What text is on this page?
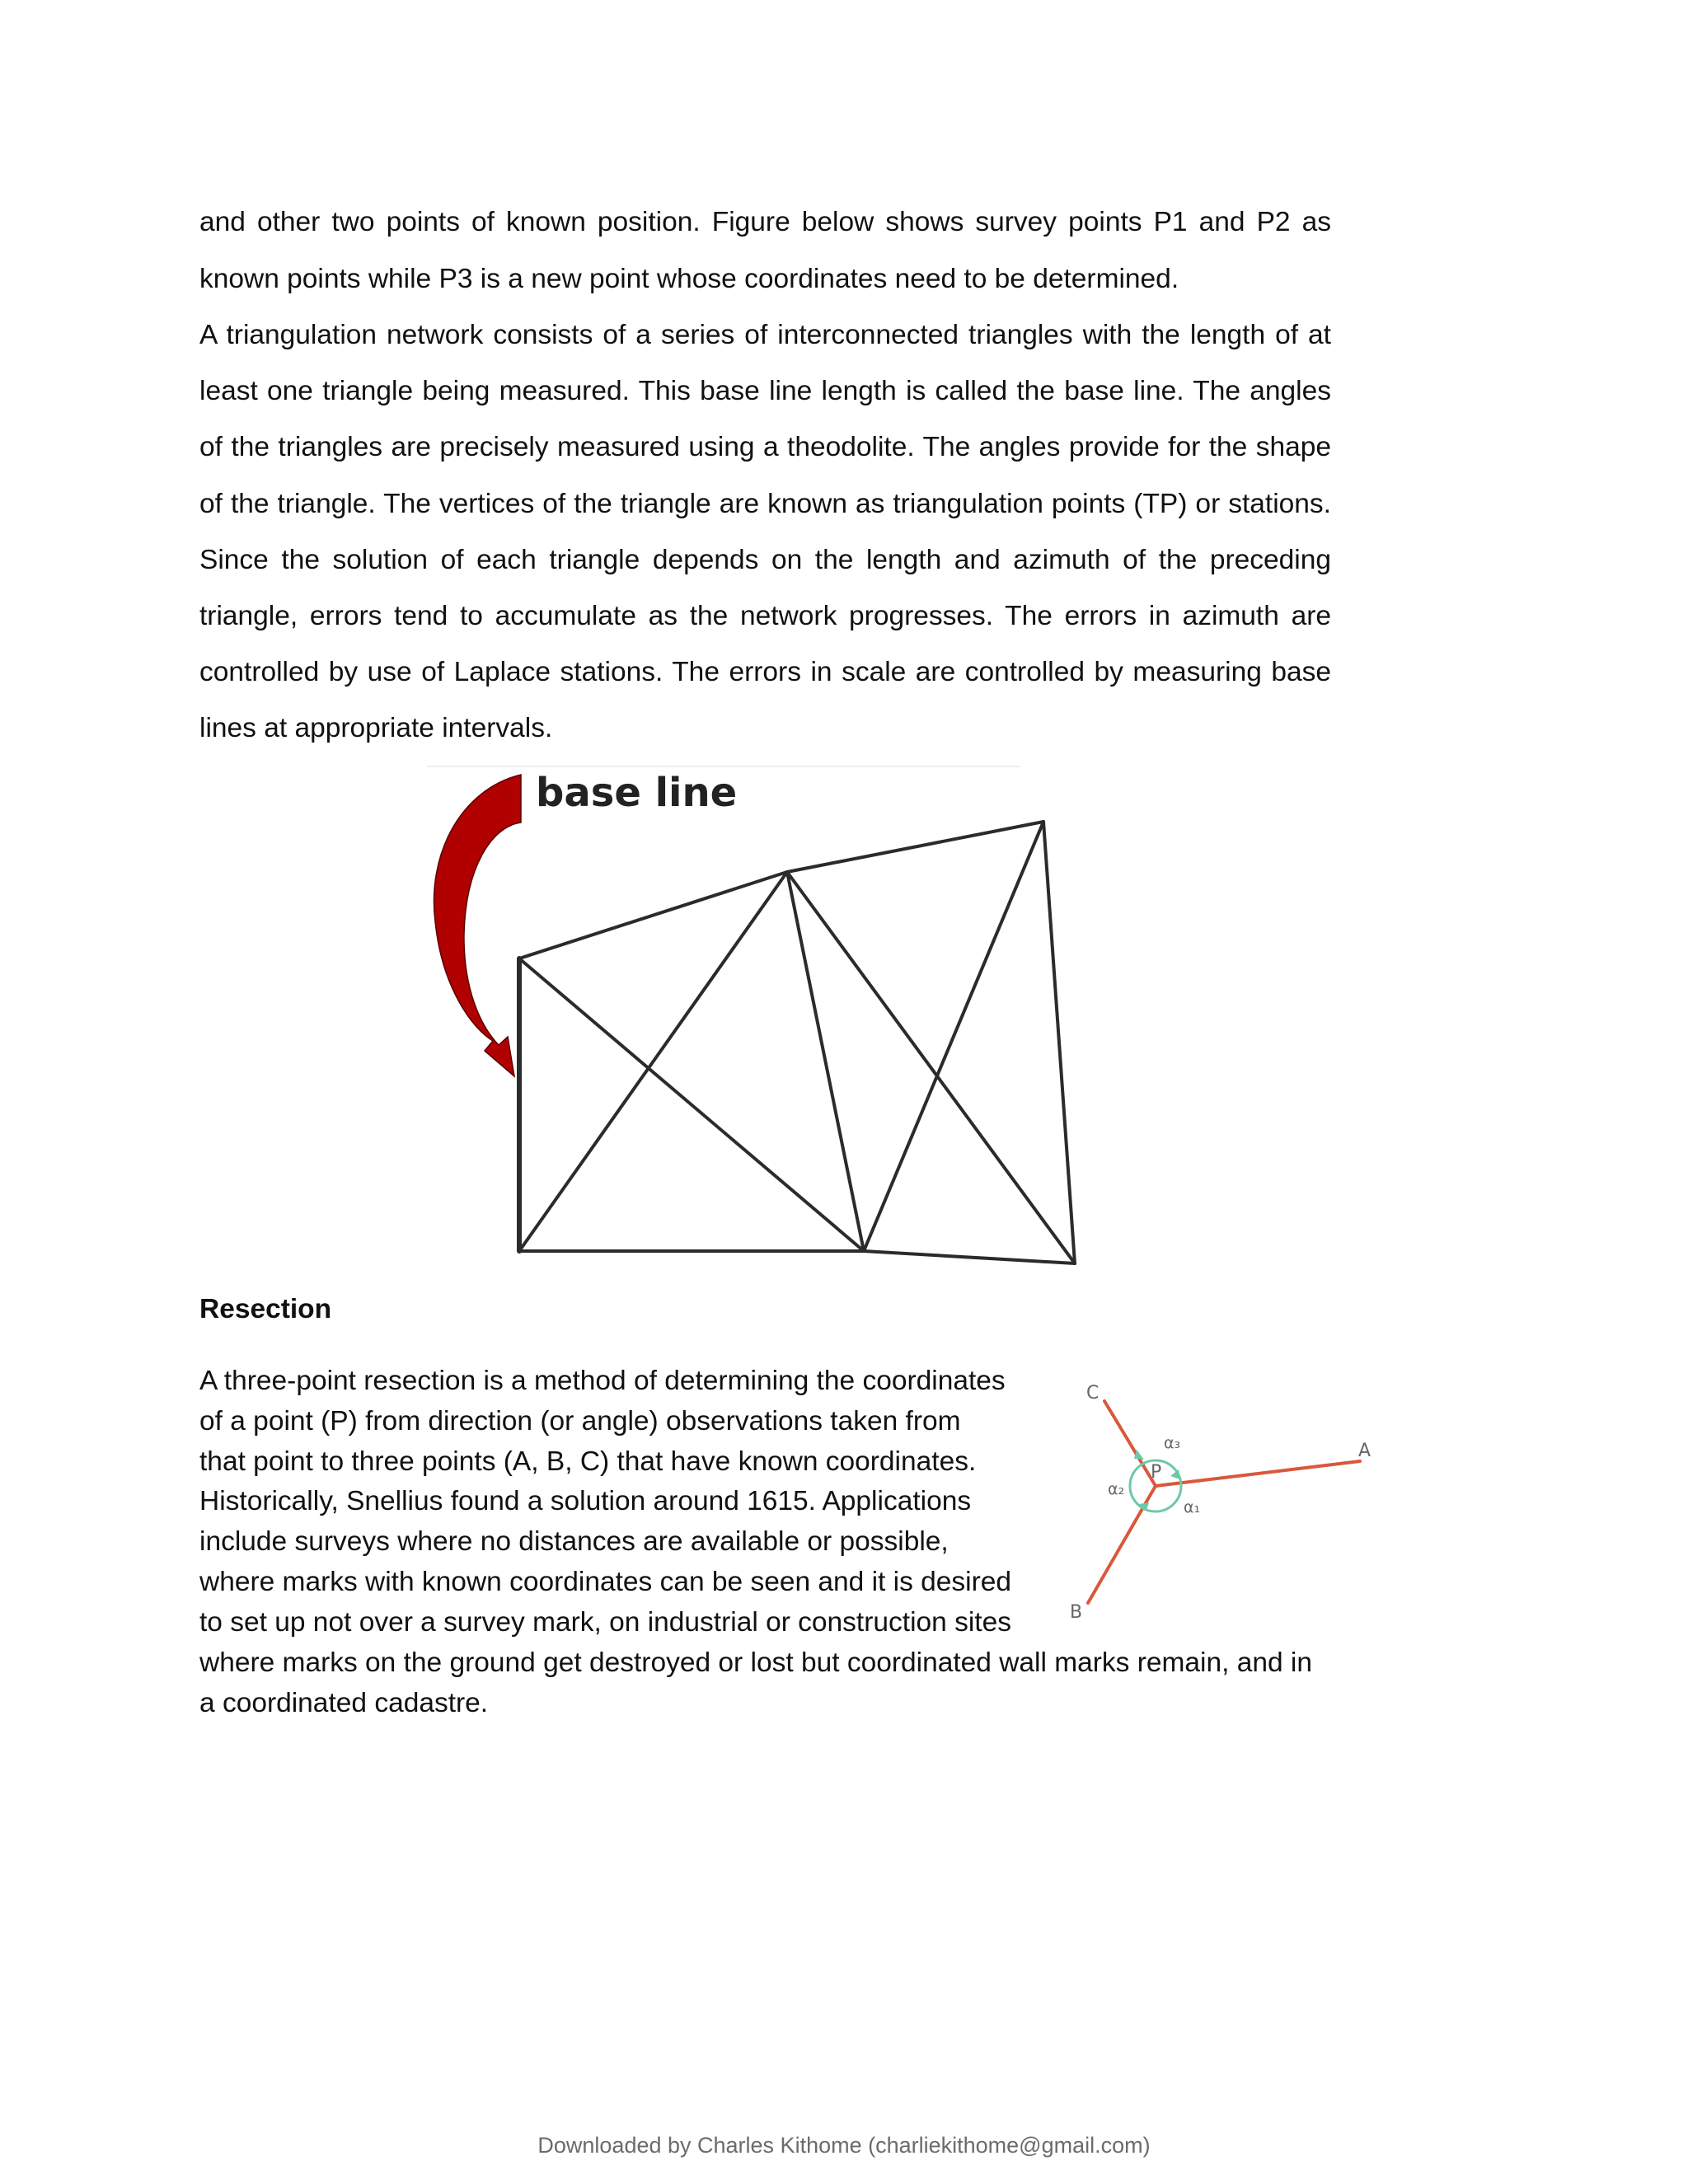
and other two points of known position. Figure below shows survey points P1 and P2 as known points while P3 is a new point whose coordinates need to be determined.

A triangulation network consists of a series of interconnected triangles with the length of at least one triangle being measured. This base line length is called the base line. The angles of the triangles are precisely measured using a theodolite. The angles provide for the shape of the triangle. The vertices of the triangle are known as triangulation points (TP) or stations. Since the solution of each triangle depends on the length and azimuth of the preceding triangle, errors tend to accumulate as the network progresses. The errors in azimuth are controlled by use of Laplace stations. The errors in scale are controlled by measuring base lines at appropriate intervals.

base line
Resection
A three-point resection is a method of determining the coordinates
of a point (P) from direction (or angle) observations taken from
that point to three points (A, B, C) that have known coordinates.
Historically, Snellius found a solution around 1615. Applications
include surveys where no distances are available or possible,
where marks with known coordinates can be seen and it is desired
to set up not over a survey mark, on industrial or construction sites
where marks on the ground get destroyed or lost but coordinated wall marks remain, and in
a coordinated cadastre.
C
A
B
P
α₃
α₂
α₁

Downloaded by Charles Kithome (charliekithome@gmail.com)
